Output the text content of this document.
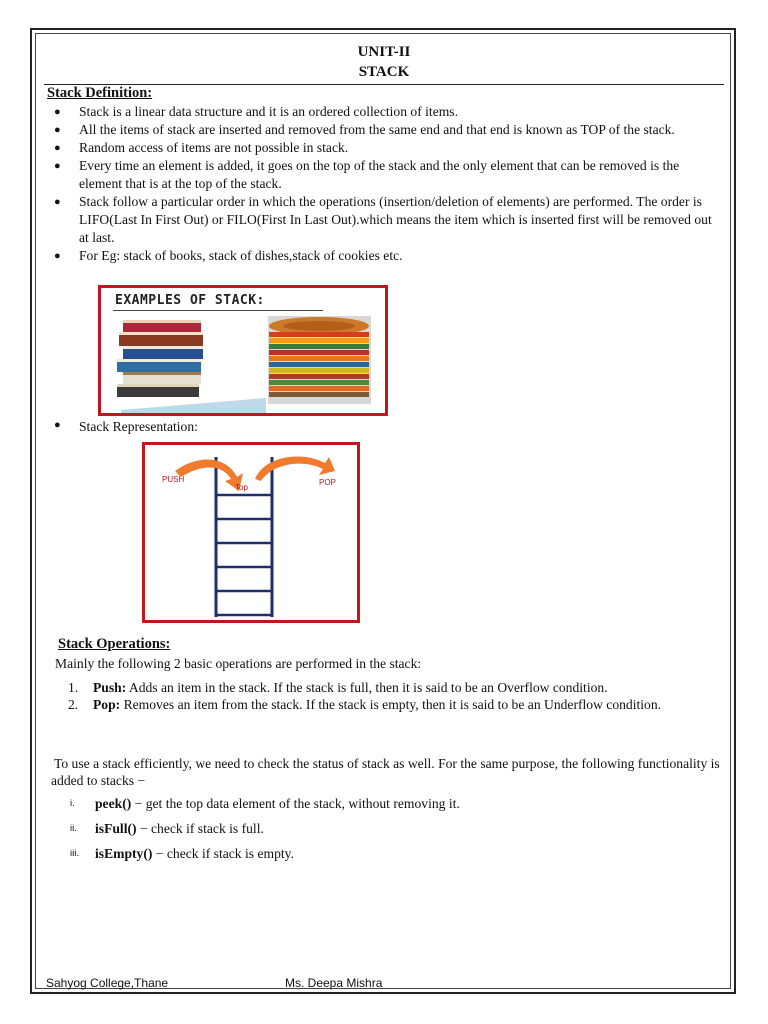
UNIT-II
STACK
Stack Definition:
● Stack is a linear data structure and it is an ordered collection of items.
● All the items of stack are inserted and removed from the same end and that end is known as TOP of the stack.
● Random access of items are not possible in stack.
● Every time an element is added, it goes on the top of the stack and the only element that can be removed is the element that is at the top of the stack.
● Stack follow a particular order in which the operations (insertion/deletion of elements) are performed. The order is LIFO(Last In First Out) or FILO(First In Last Out).which means the item which is inserted first will be removed out at last.
● For Eg: stack of books, stack of dishes,stack of cookies etc.
EXAMPLES OF STACK:
● Stack Representation:
PUSH
Top
POP
Stack Operations:
Mainly the following 2 basic operations are performed in the stack:
1. Push: Adds an item in the stack. If the stack is full, then it is said to be an Overflow condition.
2. Pop: Removes an item from the stack. If the stack is empty, then it is said to be an Underflow condition.
To use a stack efficiently, we need to check the status of stack as well. For the same purpose, the following functionality is added to stacks −
i. peek() − get the top data element of the stack, without removing it.
ii. isFull() − check if stack is full.
iii. isEmpty() − check if stack is empty.
Sahyog College,Thane	Ms. Deepa Mishra
